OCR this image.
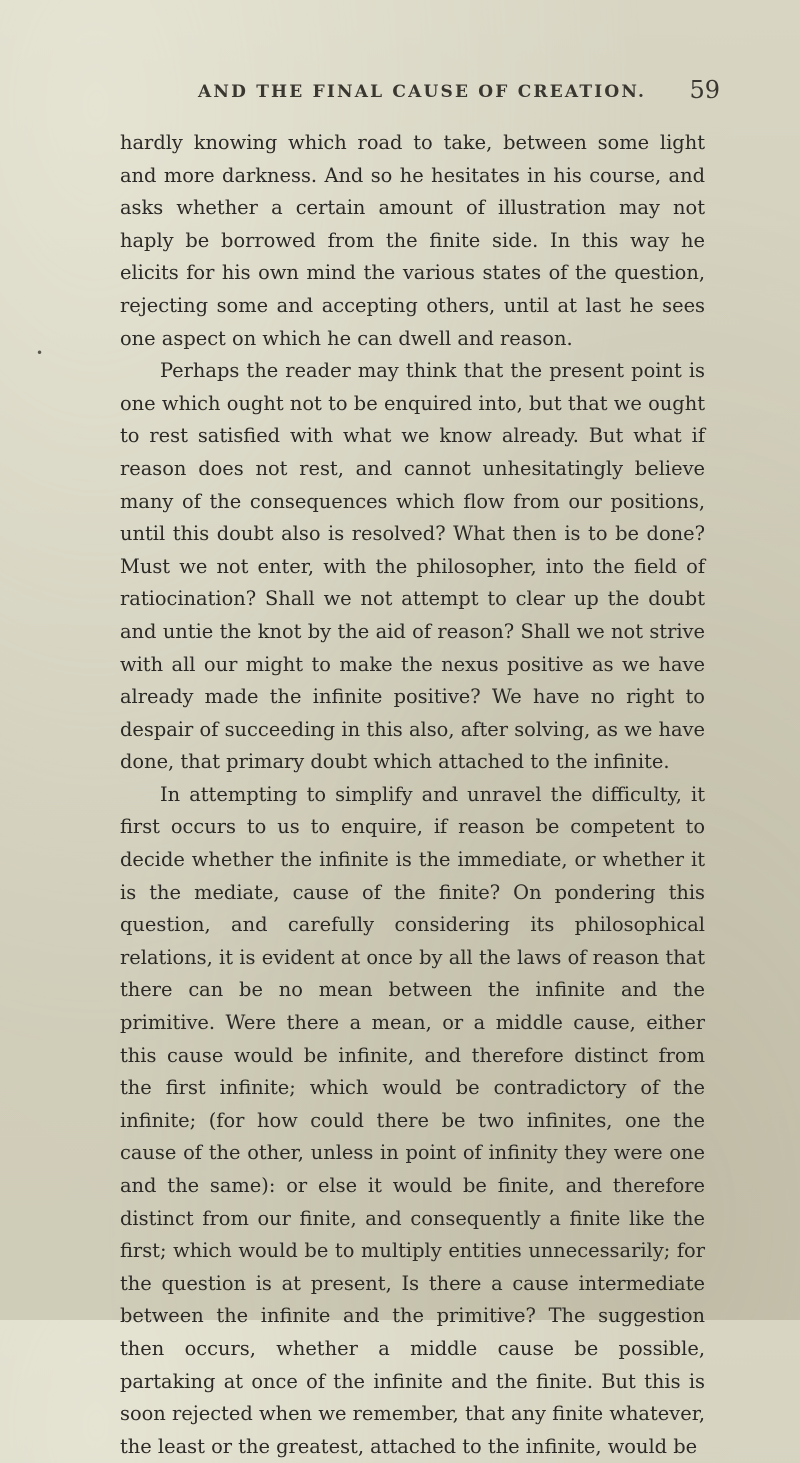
AND THE FINAL CAUSE OF CREATION. 59
•

hardly knowing which road to take, between some light and more darkness. And so he hesitates in his course, and asks whether a certain amount of illustration may not haply be borrowed from the finite side. In this way he elicits for his own mind the various states of the question, rejecting some and accepting others, until at last he sees one aspect on which he can dwell and reason.

Perhaps the reader may think that the present point is one which ought not to be enquired into, but that we ought to rest satisfied with what we know already. But what if reason does not rest, and cannot unhesitatingly believe many of the consequences which flow from our positions, until this doubt also is resolved? What then is to be done? Must we not enter, with the philosopher, into the field of ratiocination? Shall we not attempt to clear up the doubt and untie the knot by the aid of reason? Shall we not strive with all our might to make the nexus positive as we have already made the infinite positive? We have no right to despair of succeeding in this also, after solving, as we have done, that primary doubt which attached to the infinite.

In attempting to simplify and unravel the difficulty, it first occurs to us to enquire, if reason be competent to decide whether the infinite is the immediate, or whether it is the mediate, cause of the finite? On pondering this question, and carefully considering its philosophical relations, it is evident at once by all the laws of reason that there can be no mean between the infinite and the primitive. Were there a mean, or a middle cause, either this cause would be infinite, and therefore distinct from the first infinite; which would be contradictory of the infinite; (for how could there be two infinites, one the cause of the other, unless in point of infinity they were one and the same): or else it would be finite, and therefore distinct from our finite, and consequently a finite like the first; which would be to multiply entities unnecessarily; for the question is at present, Is there a cause intermediate between the infinite and the primitive? The suggestion then occurs, whether a middle cause be possible, partaking at once of the infinite and the finite. But this is soon rejected when we remember, that any finite whatever, the least or the greatest, attached to the infinite, would be
